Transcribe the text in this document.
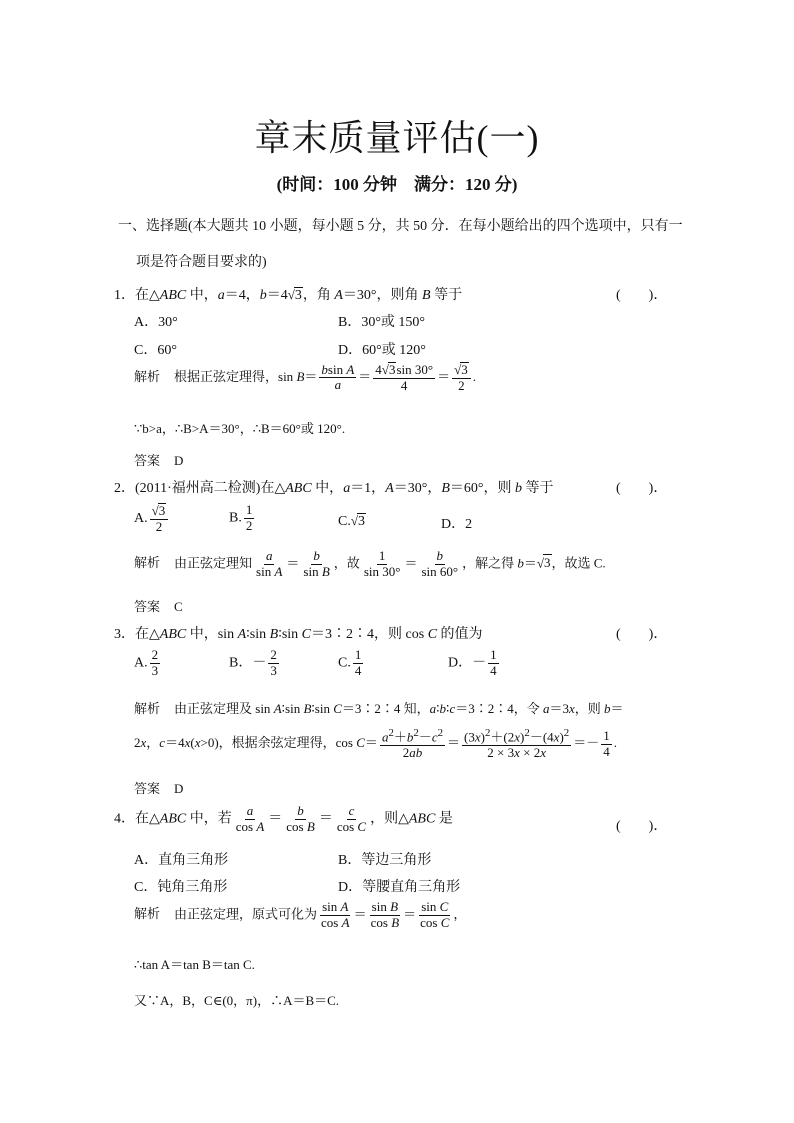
章末质量评估(一)
(时间：100 分钟　满分：120 分)
一、选择题(本大题共 10 小题，每小题 5 分，共 50 分．在每小题给出的四个选项中，只有一
项是符合题目要求的)
1．在△ABC 中，a＝4，b＝4√3，角 A＝30°，则角 B 等于	(　　)．
A．30°	B．30°或 150°
C．60°	D．60°或 120°
解析 根据正弦定理得，$\sin B= \frac{\text{bsin A}}{a} = \frac{4√3\sin 30^\circ}{4} = \frac{√3}{2}$ .
∵b>a，∴B>A＝30°，∴B＝60°或 120°.
答案 D
2．(2011·福州高二检测)在△ABC 中，a＝1，A＝30°，B＝60°，则 b 等于	(　　)．
A. $\frac{√3}{2}$	B. $\frac{1}{2}$	C.√3	D．2
解析 由正弦定理知 $\frac{a}{\text{sin A}} = \frac{b}{\text{sin B}}$ ，故 $\frac{1}{\sin 30^\circ} = \frac{b}{\sin 60^\circ}$ ，解之得 b＝√3，故选 C.
答案 C
3．在△ABC 中，sin A∶sin B∶sin C＝3∶2∶4，则 cos C 的值为	(　　)．
A. $\frac{2}{3}$	B．－ $\frac{2}{3}$	C. $\frac{1}{4}$	D．－ $\frac{1}{4}$
解析 由正弦定理及 sin A∶sin B∶sin C＝3∶2∶4 知，a∶b∶c＝3∶2∶4，令 a＝3x，则 b＝
2x，c＝4x(x>0)，根据余弦定理得，$\cos C= \frac{a^2+b^2-c^2}{2ab} = \frac{(3x)^2+(2x)^2-(4x)^2}{2 \times 3x \times 2x} =- \frac{1}{4}$ .
答案 D
4．在△ABC 中，若 $\frac{a}{\text{cos A}} = \frac{b}{\text{cos B}} = \frac{c}{\text{cos C}}$ ，则△ABC 是	(　　)．
A．直角三角形	B．等边三角形
C．钝角三角形	D．等腰直角三角形
解析 由正弦定理，原式可化为 $\frac{\text{sin A}}{\text{cos A}} = \frac{\text{sin B}}{\text{cos B}} = \frac{\text{sin C}}{\text{cos C}}$ ，
∴tan A＝tan B＝tan C.
又∵A，B，C∈(0，π)，∴A＝B＝C.
